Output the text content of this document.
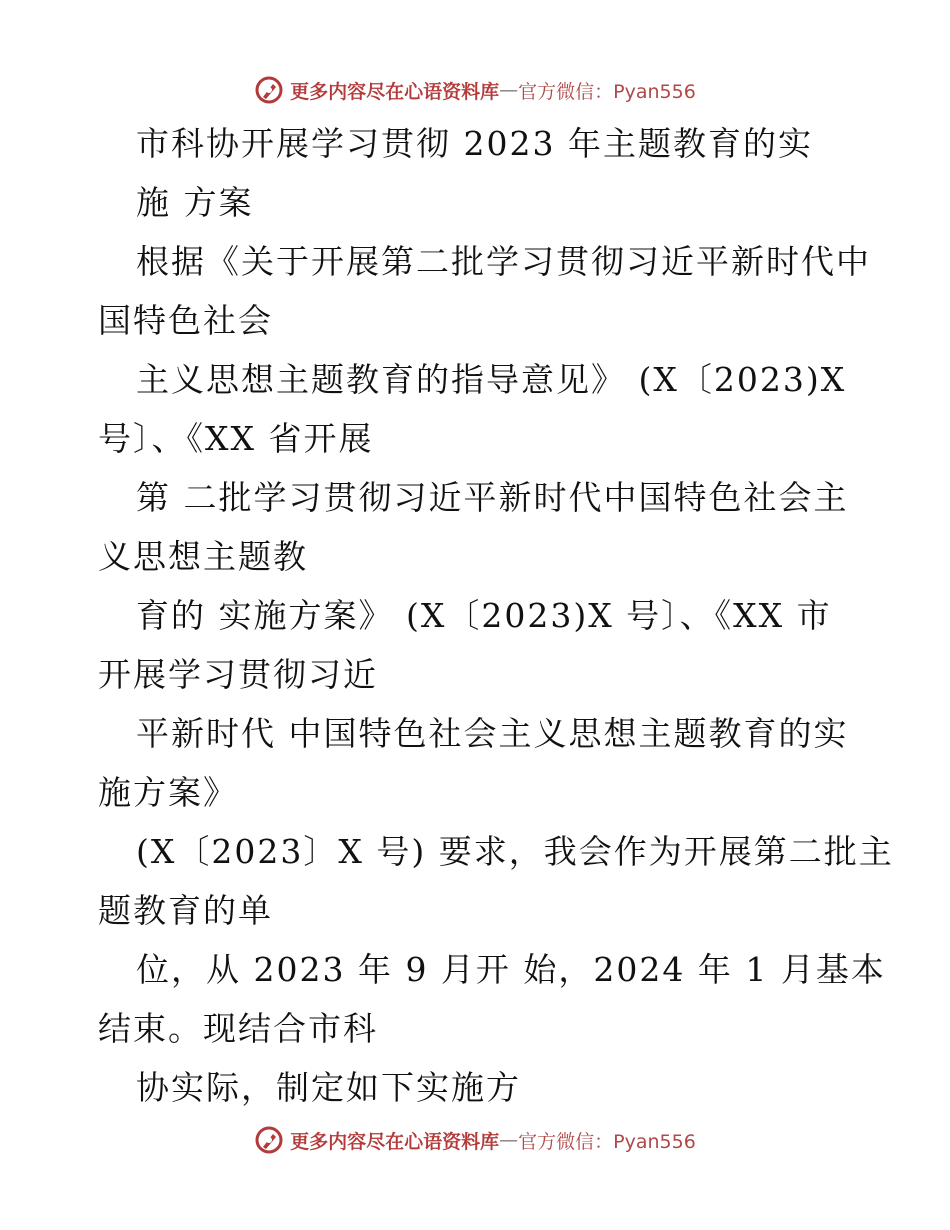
更多内容尽在心语资料库 — 官方微信：Pyan556
市科协开展学习贯彻 2023 年主题教育的实
施 方案
根据《关于开展第二批学习贯彻习近平新时代中
国特色社会
主义思想主题教育的指导意见》 (X〔2023)X
号〕、《XX 省开展
第 二批学习贯彻习近平新时代中国特色社会主
义思想主题教
育的 实施方案》 (X〔2023)X 号〕、《XX 市
开展学习贯彻习近
平新时代 中国特色社会主义思想主题教育的实
施方案》
(X〔2023〕X 号) 要求，我会作为开展第二批主
题教育的单
位，从 2023 年 9 月开 始，2024 年 1 月基本
结束。现结合市科
协实际，制定如下实施方
更多内容尽在心语资料库 — 官方微信：Pyan556
